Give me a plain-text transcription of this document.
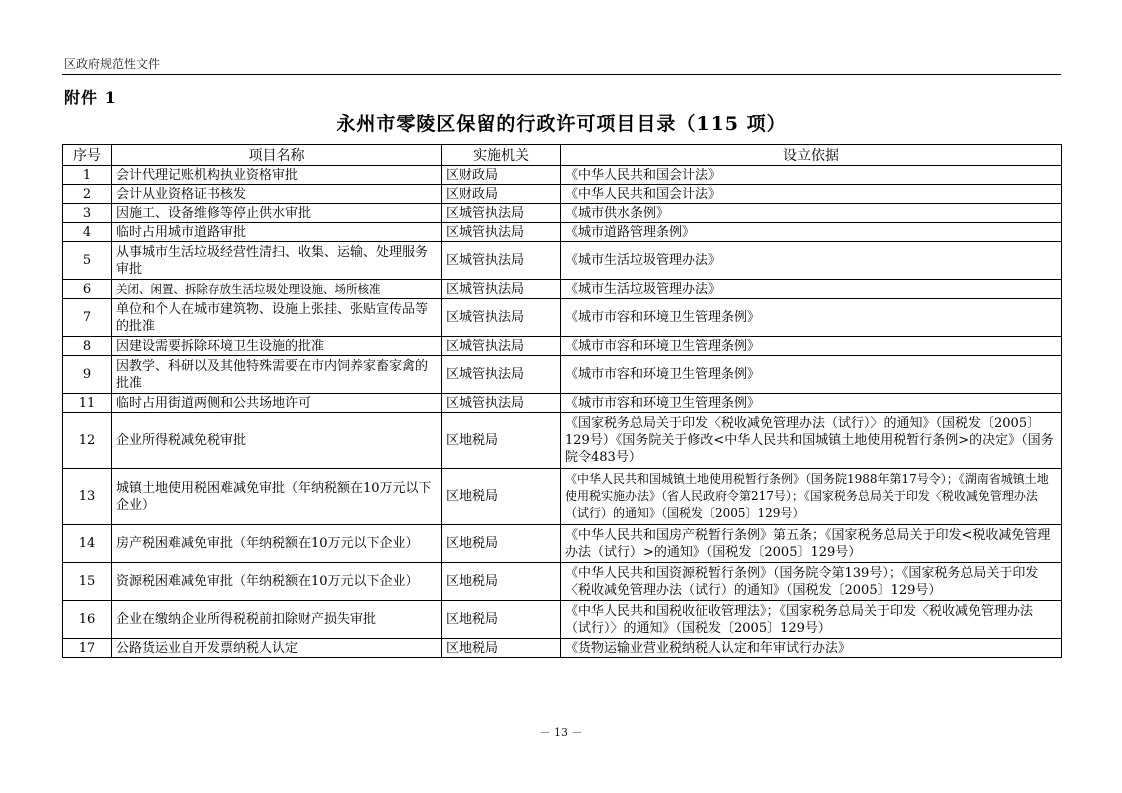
区政府规范性文件
附件 1
永州市零陵区保留的行政许可项目目录（115 项）
序号	项目名称	实施机关	设立依据
1	会计代理记账机构执业资格审批	区财政局	《中华人民共和国会计法》
2	会计从业资格证书核发	区财政局	《中华人民共和国会计法》
3	因施工、设备维修等停止供水审批	区城管执法局	《城市供水条例》
4	临时占用城市道路审批	区城管执法局	《城市道路管理条例》
5	从事城市生活垃圾经营性清扫、收集、运输、处理服务审批	区城管执法局	《城市生活垃圾管理办法》
6	关闭、闲置、拆除存放生活垃圾处理设施、场所核准	区城管执法局	《城市生活垃圾管理办法》
7	单位和个人在城市建筑物、设施上张挂、张贴宣传品等的批准	区城管执法局	《城市市容和环境卫生管理条例》
8	因建设需要拆除环境卫生设施的批准	区城管执法局	《城市市容和环境卫生管理条例》
9	因教学、科研以及其他特殊需要在市内饲养家畜家禽的批准	区城管执法局	《城市市容和环境卫生管理条例》
11	临时占用街道两侧和公共场地许可	区城管执法局	《城市市容和环境卫生管理条例》
12	企业所得税减免税审批	区地税局	《国家税务总局关于印发〈税收减免管理办法（试行）〉的通知》（国税发〔2005〕129号）《国务院关于修改<中华人民共和国城镇土地使用税暂行条例>的决定》（国务院令483号）
13	城镇土地使用税困难减免审批（年纳税额在10万元以下企业）	区地税局	《中华人民共和国城镇土地使用税暂行条例》（国务院1988年第17号令）；《湖南省城镇土地使用税实施办法》（省人民政府令第217号）；《国家税务总局关于印发〈税收减免管理办法（试行）的通知》（国税发〔2005〕129号）
14	房产税困难减免审批（年纳税额在10万元以下企业）	区地税局	《中华人民共和国房产税暂行条例》第五条；《国家税务总局关于印发<税收减免管理办法（试行）>的通知》（国税发〔2005〕129号）
15	资源税困难减免审批（年纳税额在10万元以下企业）	区地税局	《中华人民共和国资源税暂行条例》（国务院令第139号）；《国家税务总局关于印发〈税收减免管理办法（试行）的通知》（国税发〔2005〕129号）
16	企业在缴纳企业所得税税前扣除财产损失审批	区地税局	《中华人民共和国税收征收管理法》；《国家税务总局关于印发〈税收减免管理办法（试行）〉的通知》（国税发〔2005〕129号）
17	公路货运业自开发票纳税人认定	区地税局	《货物运输业营业税纳税人认定和年审试行办法》
－ 13 －
